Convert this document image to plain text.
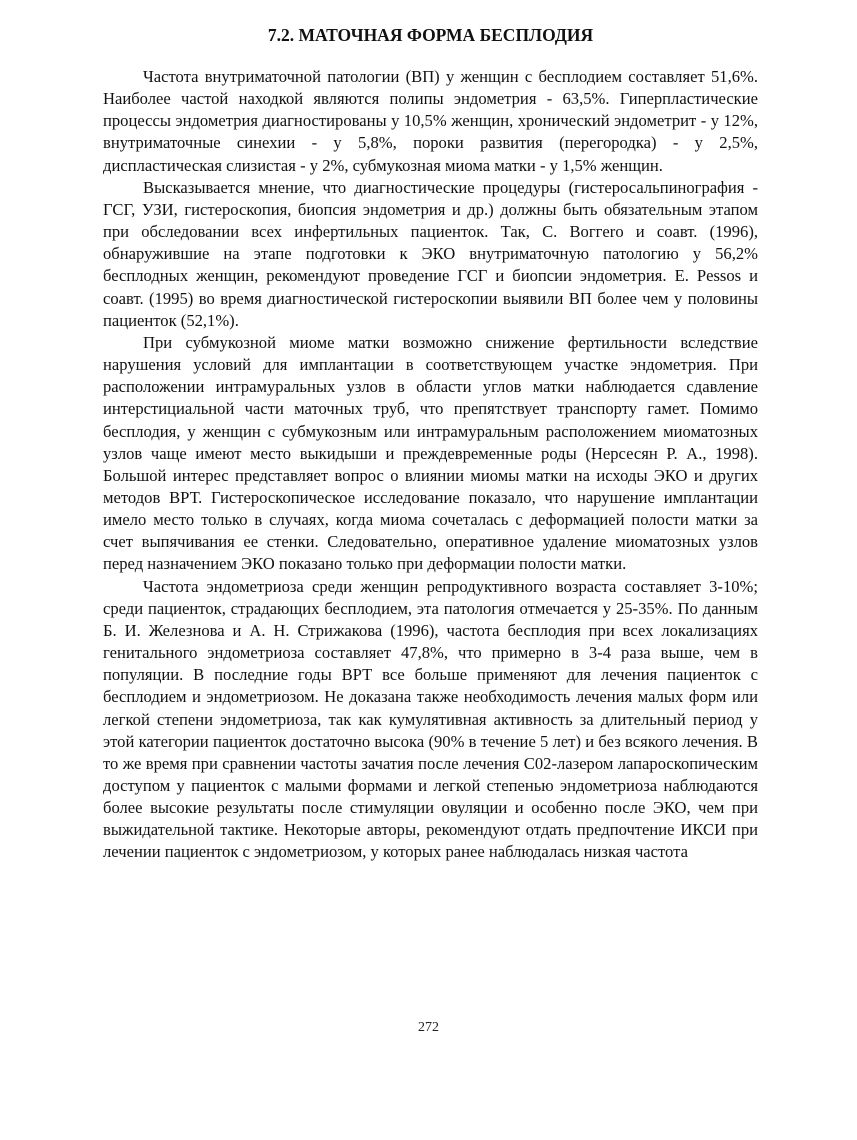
7.2. МАТОЧНАЯ ФОРМА БЕСПЛОДИЯ

Частота внутриматочной патологии (ВП) у женщин с бесплодием составляет 51,6%. Наиболее частой находкой являются полипы эндометрия - 63,5%. Гиперпластические процессы эндометрия диагностированы у 10,5% женщин, хронический эндометрит - у 12%, внутриматочные синехии - у 5,8%, пороки развития (перегородка) - у 2,5%, диспластическая слизистая - у 2%, субмукозная миома матки - у 1,5% женщин.

Высказывается мнение, что диагностические процедуры (гистеросальпинография - ГСГ, УЗИ, гистероскопия, биопсия эндометрия и др.) должны быть обязательным этапом при обследовании всех инфертильных пациенток. Так, С. Boггero и соавт. (1996), обнаружившие на этапе подготовки к ЭКО внутриматочную патологию у 56,2% бесплодных женщин, рекомендуют проведение ГСГ и биопсии эндометрия. E. Pessos и соавт. (1995) во время диагностической гистероскопии выявили ВП более чем у половины пациенток (52,1%).

При субмукозной миоме матки возможно снижение фертильности вследствие нарушения условий для имплантации в соответствующем участке эндометрия. При расположении интрамуральных узлов в области углов матки наблюдается сдавление интерстициальной части маточных труб, что препятствует транспорту гамет. Помимо бесплодия, у женщин с субмукозным или интрамуральным расположением миоматозных узлов чаще имеют место выкидыши и преждевременные роды (Нерсесян Р. А., 1998). Большой интерес представляет вопрос о влиянии миомы матки на исходы ЭКО и других методов ВРТ. Гистероскопическое исследование показало, что нарушение имплантации имело место только в случаях, когда миома сочеталась с деформацией полости матки за счет выпячивания ее стенки. Следовательно, оперативное удаление миоматозных узлов перед назначением ЭКО показано только при деформации полости матки.

Частота эндометриоза среди женщин репродуктивного возраста составляет 3-10%; среди пациенток, страдающих бесплодием, эта патология отмечается у 25-35%. По данным Б. И. Железнова и А. Н. Стрижакова (1996), частота бесплодия при всех локализациях генитального эндометриоза составляет 47,8%, что примерно в 3-4 раза выше, чем в популяции. В последние годы ВРТ все больше применяют для лечения пациенток с бесплодием и эндометриозом. Не доказана также необходимость лечения малых форм или легкой степени эндометриоза, так как кумулятивная активность за длительный период у этой категории пациенток достаточно высока (90% в течение 5 лет) и без всякого лечения. В то же время при сравнении частоты зачатия после лечения C02-лазером лапароскопическим доступом у пациенток с малыми формами и легкой степенью эндометриоза наблюдаются более высокие результаты после стимуляции овуляции и особенно после ЭКО, чем при выжидательной тактике. Некоторые авторы, рекомендуют отдать предпочтение ИКСИ при лечении пациенток с эндометриозом, у которых ранее наблюдалась низкая частота

272
